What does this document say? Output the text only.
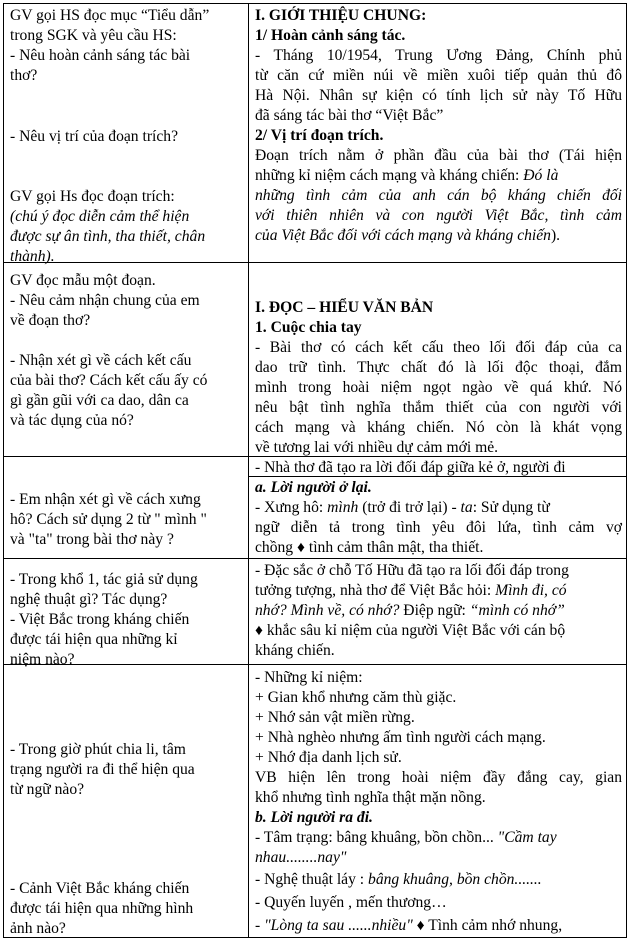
GV gọi HS đọc mục “Tiểu dẫn”
trong SGK và yêu cầu HS:
- Nêu hoàn cảnh sáng tác bài
thơ?
- Nêu vị trí của đoạn trích?
GV gọi Hs đọc đoạn trích:
(chú ý đọc diễn cảm thể hiện
được sự ân tình, tha thiết, chân
thành).
GV đọc mẫu một đoạn.
- Nêu cảm nhận chung của em
về đoạn thơ?
- Nhận xét gì về cách kết cấu
của bài thơ? Cách kết cấu ấy có
gì gần gũi với ca dao, dân ca
và tác dụng của nó?
- Em nhận xét gì về cách xưng
hô? Cách sử dụng 2 từ " mình "
và "ta" trong bài thơ này ?
- Trong khổ 1, tác giả sử dụng
nghệ thuật gì? Tác dụng?
- Việt Bắc trong kháng chiến
được tái hiện qua những kỉ
niệm nào?
- Trong giờ phút chia li, tâm
trạng người ra đi thể hiện qua
từ ngữ nào?
- Cảnh Việt Bắc kháng chiến
được tái hiện qua những hình
ảnh nào?
I. GIỚI THIỆU CHUNG:
1/ Hoàn cảnh sáng tác.
- Tháng 10/1954, Trung Ương Đảng, Chính phủ
từ căn cứ miền núi về miền xuôi tiếp quản thủ đô
Hà Nội. Nhân sự kiện có tính lịch sử này Tố Hữu
đã sáng tác bài thơ “Việt Bắc”
2/ Vị trí đoạn trích.
Đoạn trích nằm ở phần đầu của bài thơ (Tái hiện
những kỉ niệm cách mạng và kháng chiến: Đó là
những tình cảm của anh cán bộ kháng chiến đối
với thiên nhiên và con người Việt Bắc, tình cảm
của Việt Bắc đối với cách mạng và kháng chiến).
I. ĐỌC – HIỂU VĂN BẢN
1. Cuộc chia tay
- Bài thơ có cách kết cấu theo lối đối đáp của ca
dao trữ tình. Thực chất đó là lối độc thoại, đắm
mình trong hoài niệm ngọt ngào về quá khứ. Nó
nêu bật tình nghĩa thắm thiết của con người với
cách mạng và kháng chiến. Nó còn là khát vọng
về tương lai với nhiều dự cảm mới mẻ.
- Nhà thơ đã tạo ra lời đối đáp giữa kẻ ở, người đi
a. Lời người ở lại.
- Xưng hô: mình (trở đi trở lại) - ta: Sử dụng từ
ngữ diễn tả trong tình yêu đôi lứa, tình cảm vợ
chồng ♦ tình cảm thân mật, tha thiết.
- Đặc sắc ở chỗ Tố Hữu đã tạo ra lối đối đáp trong
tưởng tượng, nhà thơ để Việt Bắc hỏi: Mình đi, có
nhớ? Mình về, có nhớ? Điệp ngữ: “mình có nhớ”
♦ khắc sâu kỉ niệm của người Việt Bắc với cán bộ
kháng chiến.
- Những kỉ niệm:
+ Gian khổ nhưng căm thù giặc.
+ Nhớ sản vật miền rừng.
+ Nhà nghèo nhưng ấm tình người cách mạng.
+ Nhớ địa danh lịch sử.
VB hiện lên trong hoài niệm đầy đắng cay, gian
khổ nhưng tình nghĩa thật mặn nồng.
b. Lời người ra đi.
- Tâm trạng: bâng khuâng, bồn chồn... "Cầm tay
nhau........nay"
- Nghệ thuật láy : bâng khuâng, bồn chồn.......
- Quyến luyến , mến thương…
- "Lòng ta sau ......nhiều" ♦ Tình cảm nhớ nhung,
